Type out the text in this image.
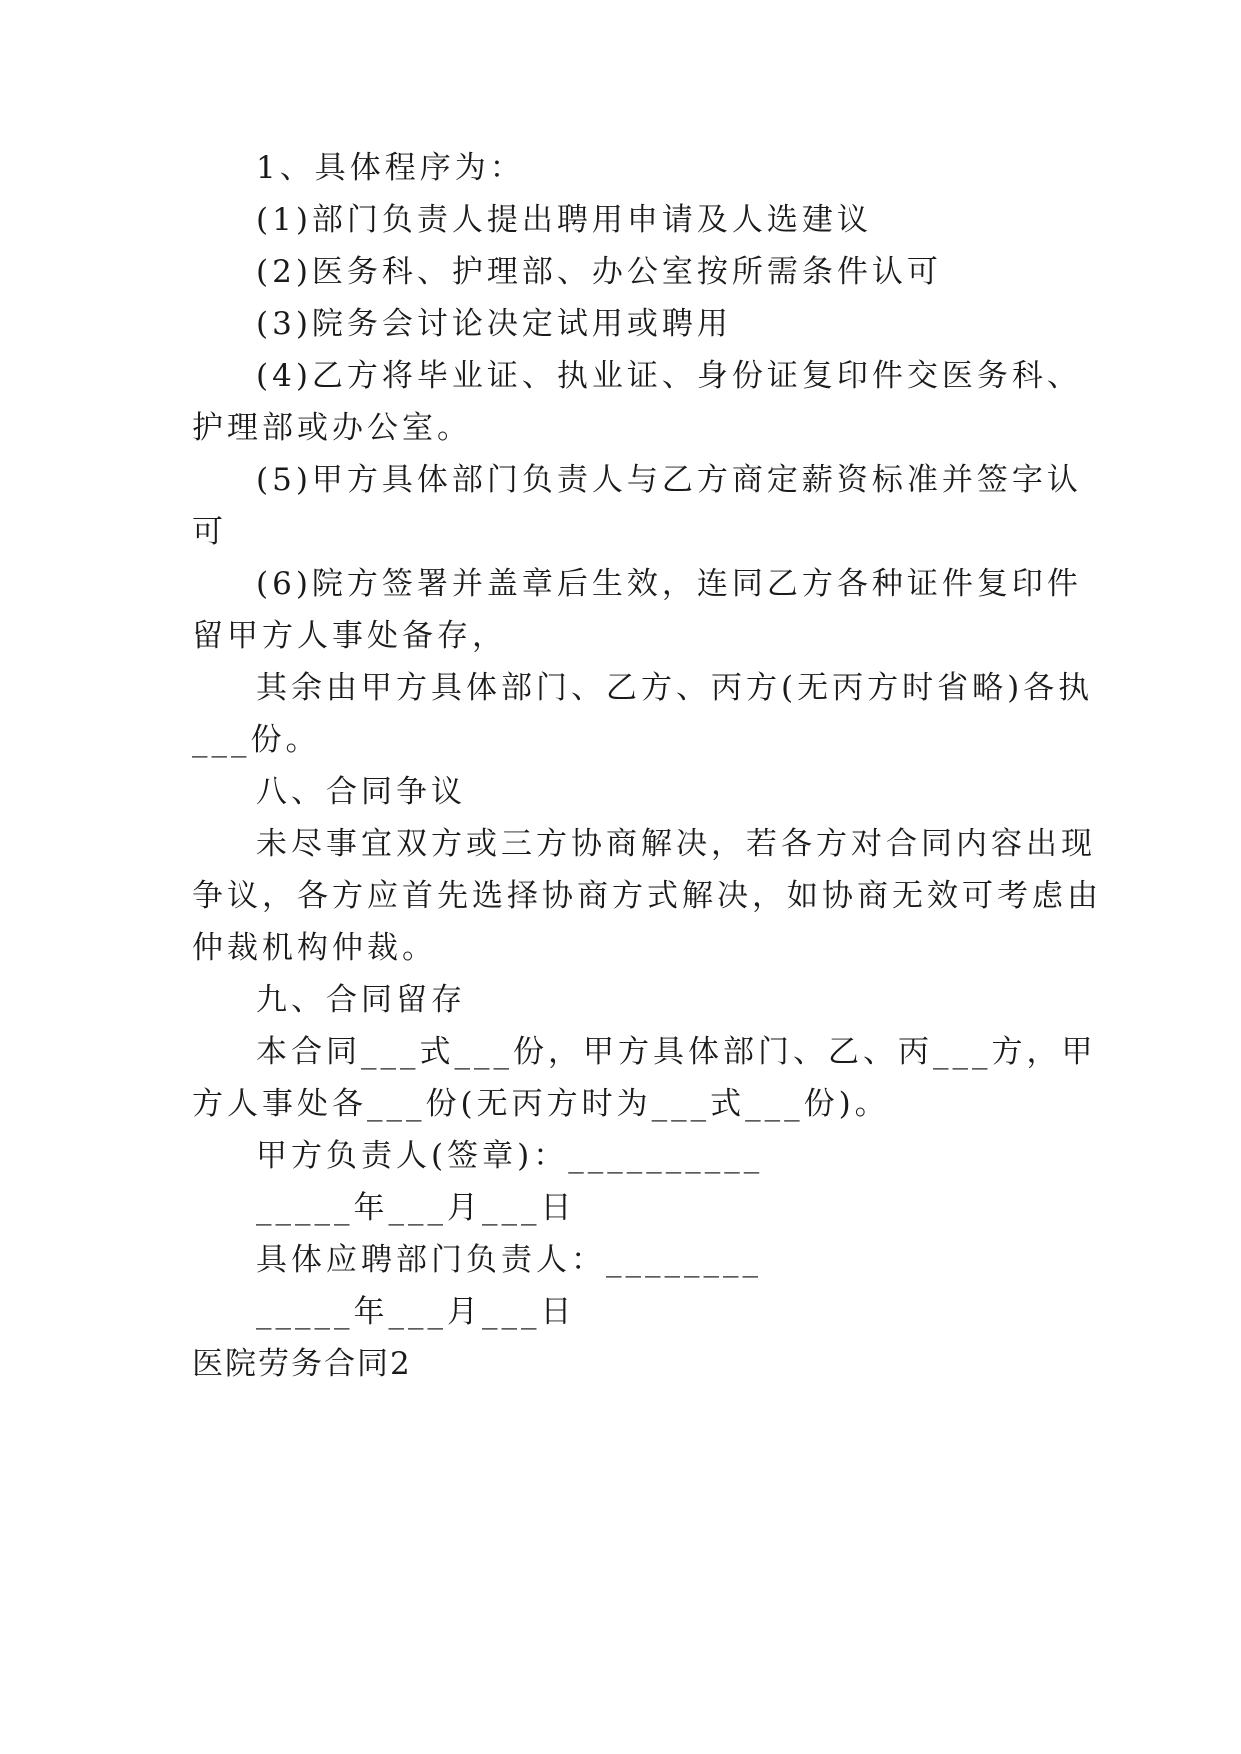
1、具体程序为：
(1)部门负责人提出聘用申请及人选建议
(2)医务科、护理部、办公室按所需条件认可
(3)院务会讨论决定试用或聘用
(4)乙方将毕业证、执业证、身份证复印件交医务科、
护理部或办公室。
(5)甲方具体部门负责人与乙方商定薪资标准并签字认
可
(6)院方签署并盖章后生效，连同乙方各种证件复印件
留甲方人事处备存，
其余由甲方具体部门、乙方、丙方(无丙方时省略)各执
___份。
八、合同争议
未尽事宜双方或三方协商解决，若各方对合同内容出现
争议，各方应首先选择协商方式解决，如协商无效可考虑由
仲裁机构仲裁。
九、合同留存
本合同___式___份，甲方具体部门、乙、丙___方，甲
方人事处各___份(无丙方时为___式___份)。
甲方负责人(签章)：__________
_____年___月___日
具体应聘部门负责人：________
_____年___月___日
医院劳务合同2
